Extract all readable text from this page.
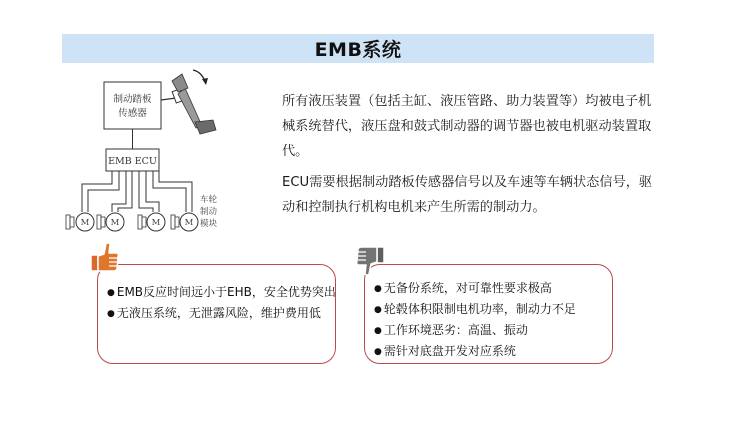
EMB系统
制动踏板
传感器
EMB ECU
M	M	M	M
车轮
制动
模块

所有液压装置（包括主缸、液压管路、助力装置等）均被电子机械系统替代，液压盘和鼓式制动器的调节器也被电机驱动装置取代。

ECU需要根据制动踏板传感器信号以及车速等车辆状态信号，驱动和控制执行机构电机来产生所需的制动力。

● EMB反应时间远小于EHB，安全优势突出
● 无液压系统，无泄露风险，维护费用低
● 无备份系统，对可靠性要求极高
● 轮毂体积限制电机功率，制动力不足
● 工作环境恶劣：高温、振动
● 需针对底盘开发对应系统
